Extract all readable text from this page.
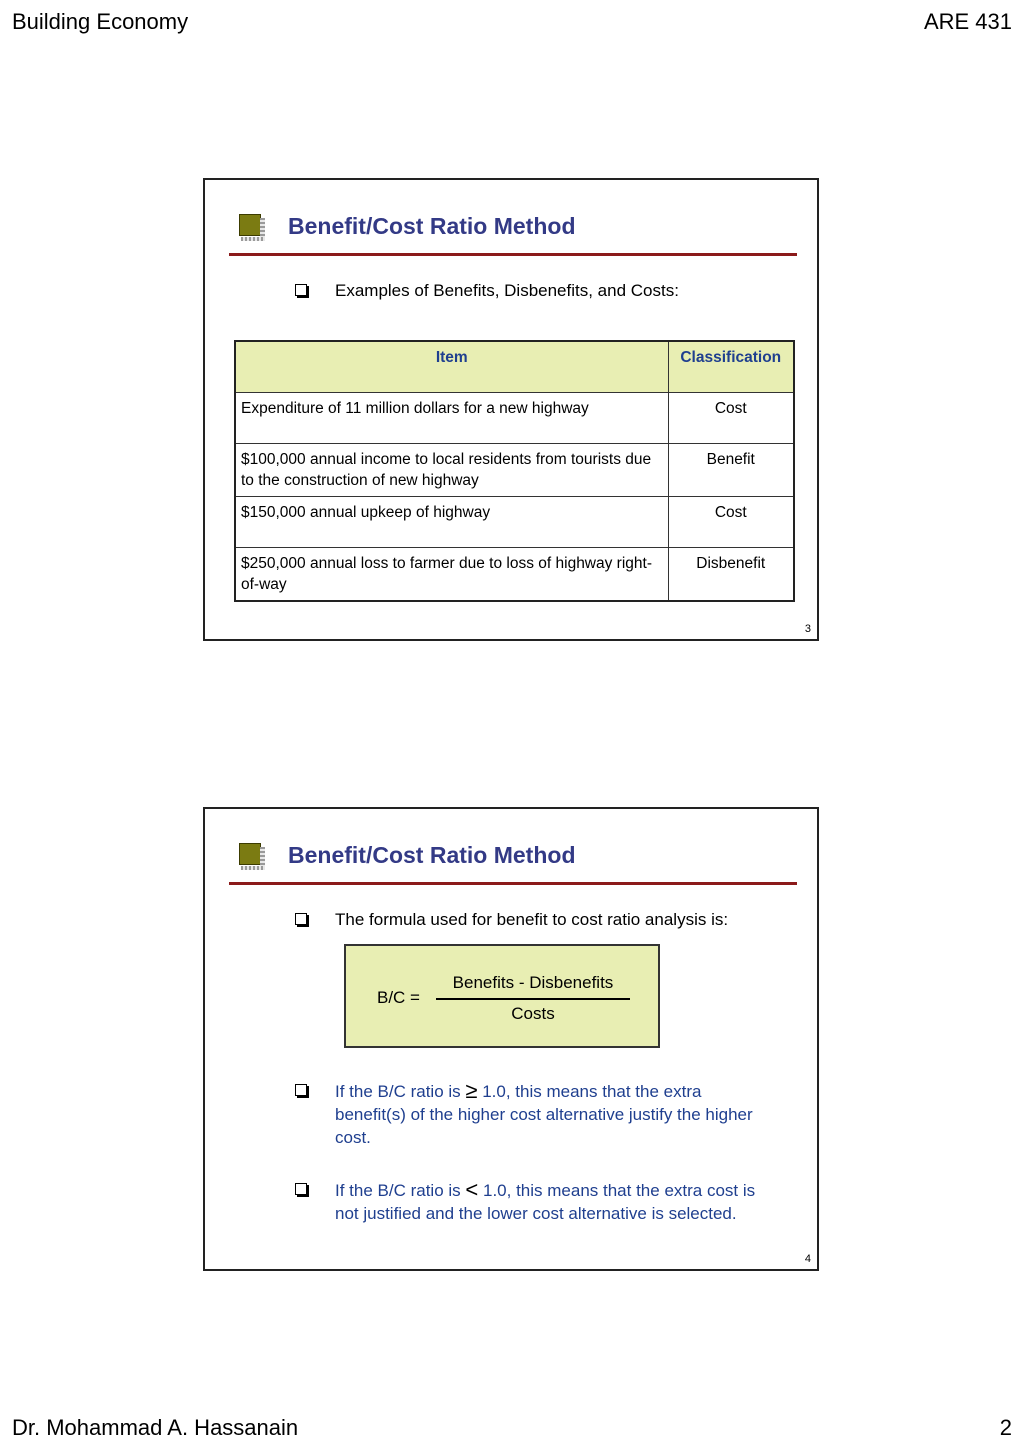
Building Economy	ARE 431
Benefit/Cost Ratio Method
Examples of Benefits, Disbenefits, and Costs:
Item	Classification
Expenditure of 11 million dollars for a new highway	Cost
$100,000 annual income to local residents from tourists due to the construction of new highway	Benefit
$150,000 annual upkeep of highway	Cost
$250,000 annual loss to farmer due to loss of highway right-of-way	Disbenefit
3
Benefit/Cost Ratio Method
The formula used for benefit to cost ratio analysis is:
B/C =
Benefits - Disbenefits
Costs
If the B/C ratio is ≥ 1.0, this means that the extra benefit(s) of the higher cost alternative justify the higher cost.
If the B/C ratio is < 1.0, this means that the extra cost is not justified and the lower cost alternative is selected.
4
Dr. Mohammad A. Hassanain	2
